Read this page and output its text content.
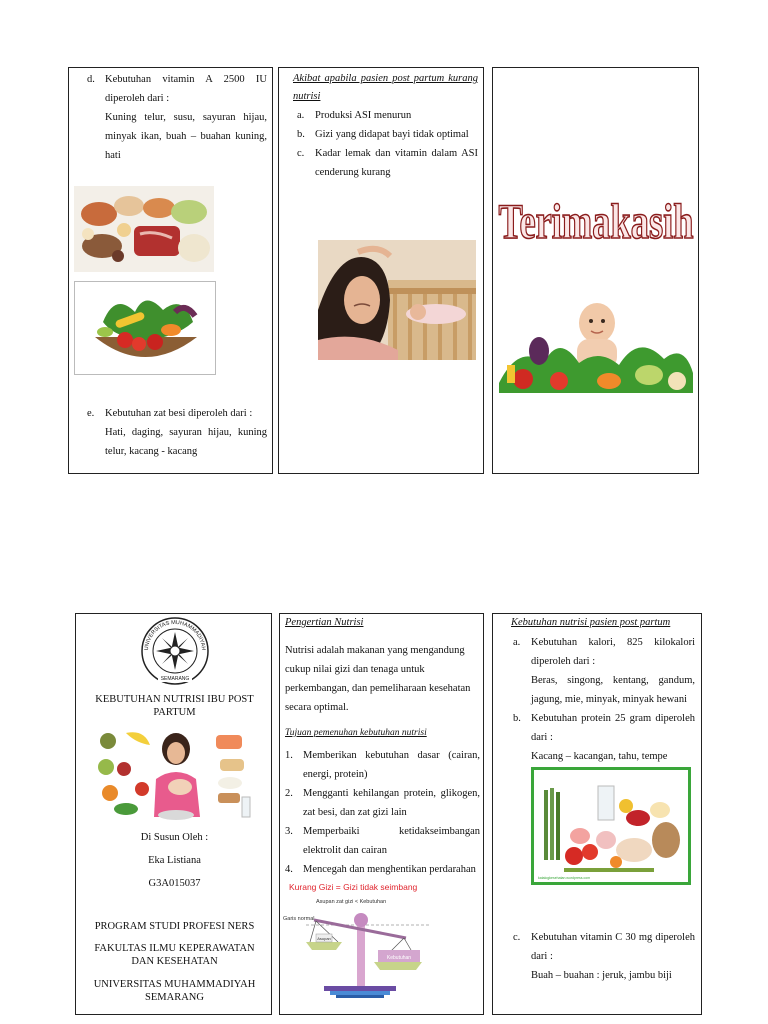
d. Kebutuhan vitamin A 2500 IU diperoleh dari :
Kuning telur, susu, sayuran hijau, minyak ikan, buah – buahan kuning, hati
e. Kebutuhan zat besi diperoleh dari :
Hati, daging, sayuran hijau, kuning telur, kacang - kacang
Akibat apabila pasien post partum kurang nutrisi
a. Produksi ASI menurun
b. Gizi yang didapat bayi tidak optimal
c. Kadar lemak dan vitamin dalam ASI cenderung kurang
Terimakasih
UNIVERSITAS MUHAMMADIYAH
SEMARANG
KEBUTUHAN NUTRISI IBU POST PARTUM
Di Susun Oleh :
Eka Listiana
G3A015037
PROGRAM STUDI PROFESI NERS
FAKULTAS ILMU KEPERAWATAN DAN KESEHATAN
UNIVERSITAS MUHAMMADIYAH SEMARANG
Pengertian Nutrisi
Nutrisi adalah makanan yang mengandung cukup nilai gizi dan tenaga untuk perkembangan, dan pemeliharaan kesehatan secara optimal.
Tujuan pemenuhan kebutuhan nutrisi
1. Memberikan kebutuhan dasar (cairan, energi, protein)
2. Mengganti kehilangan protein, glikogen, zat besi, dan zat gizi lain
3. Memperbaiki ketidakseimbangan elektrolit dan cairan
4. Mencegah dan menghentikan perdarahan
Kurang Gizi = Gizi tidak seimbang
Asupan zat gizi < Kebutuhan
Garis normal
Asupan
Kebutuhan
Kebutuhan nutrisi pasien post partum
a. Kebutuhan kalori, 825 kilokalori diperoleh dari :
Beras, singong, kentang, gandum, jagung, mie, minyak, minyak hewani
b. Kebutuhan protein 25 gram diperoleh dari :
Kacang – kacangan, tahu, tempe
katalogkesehatan.wordpress.com
c. Kebutuhan vitamin C 30 mg diperoleh dari :
Buah – buahan : jeruk, jambu biji
